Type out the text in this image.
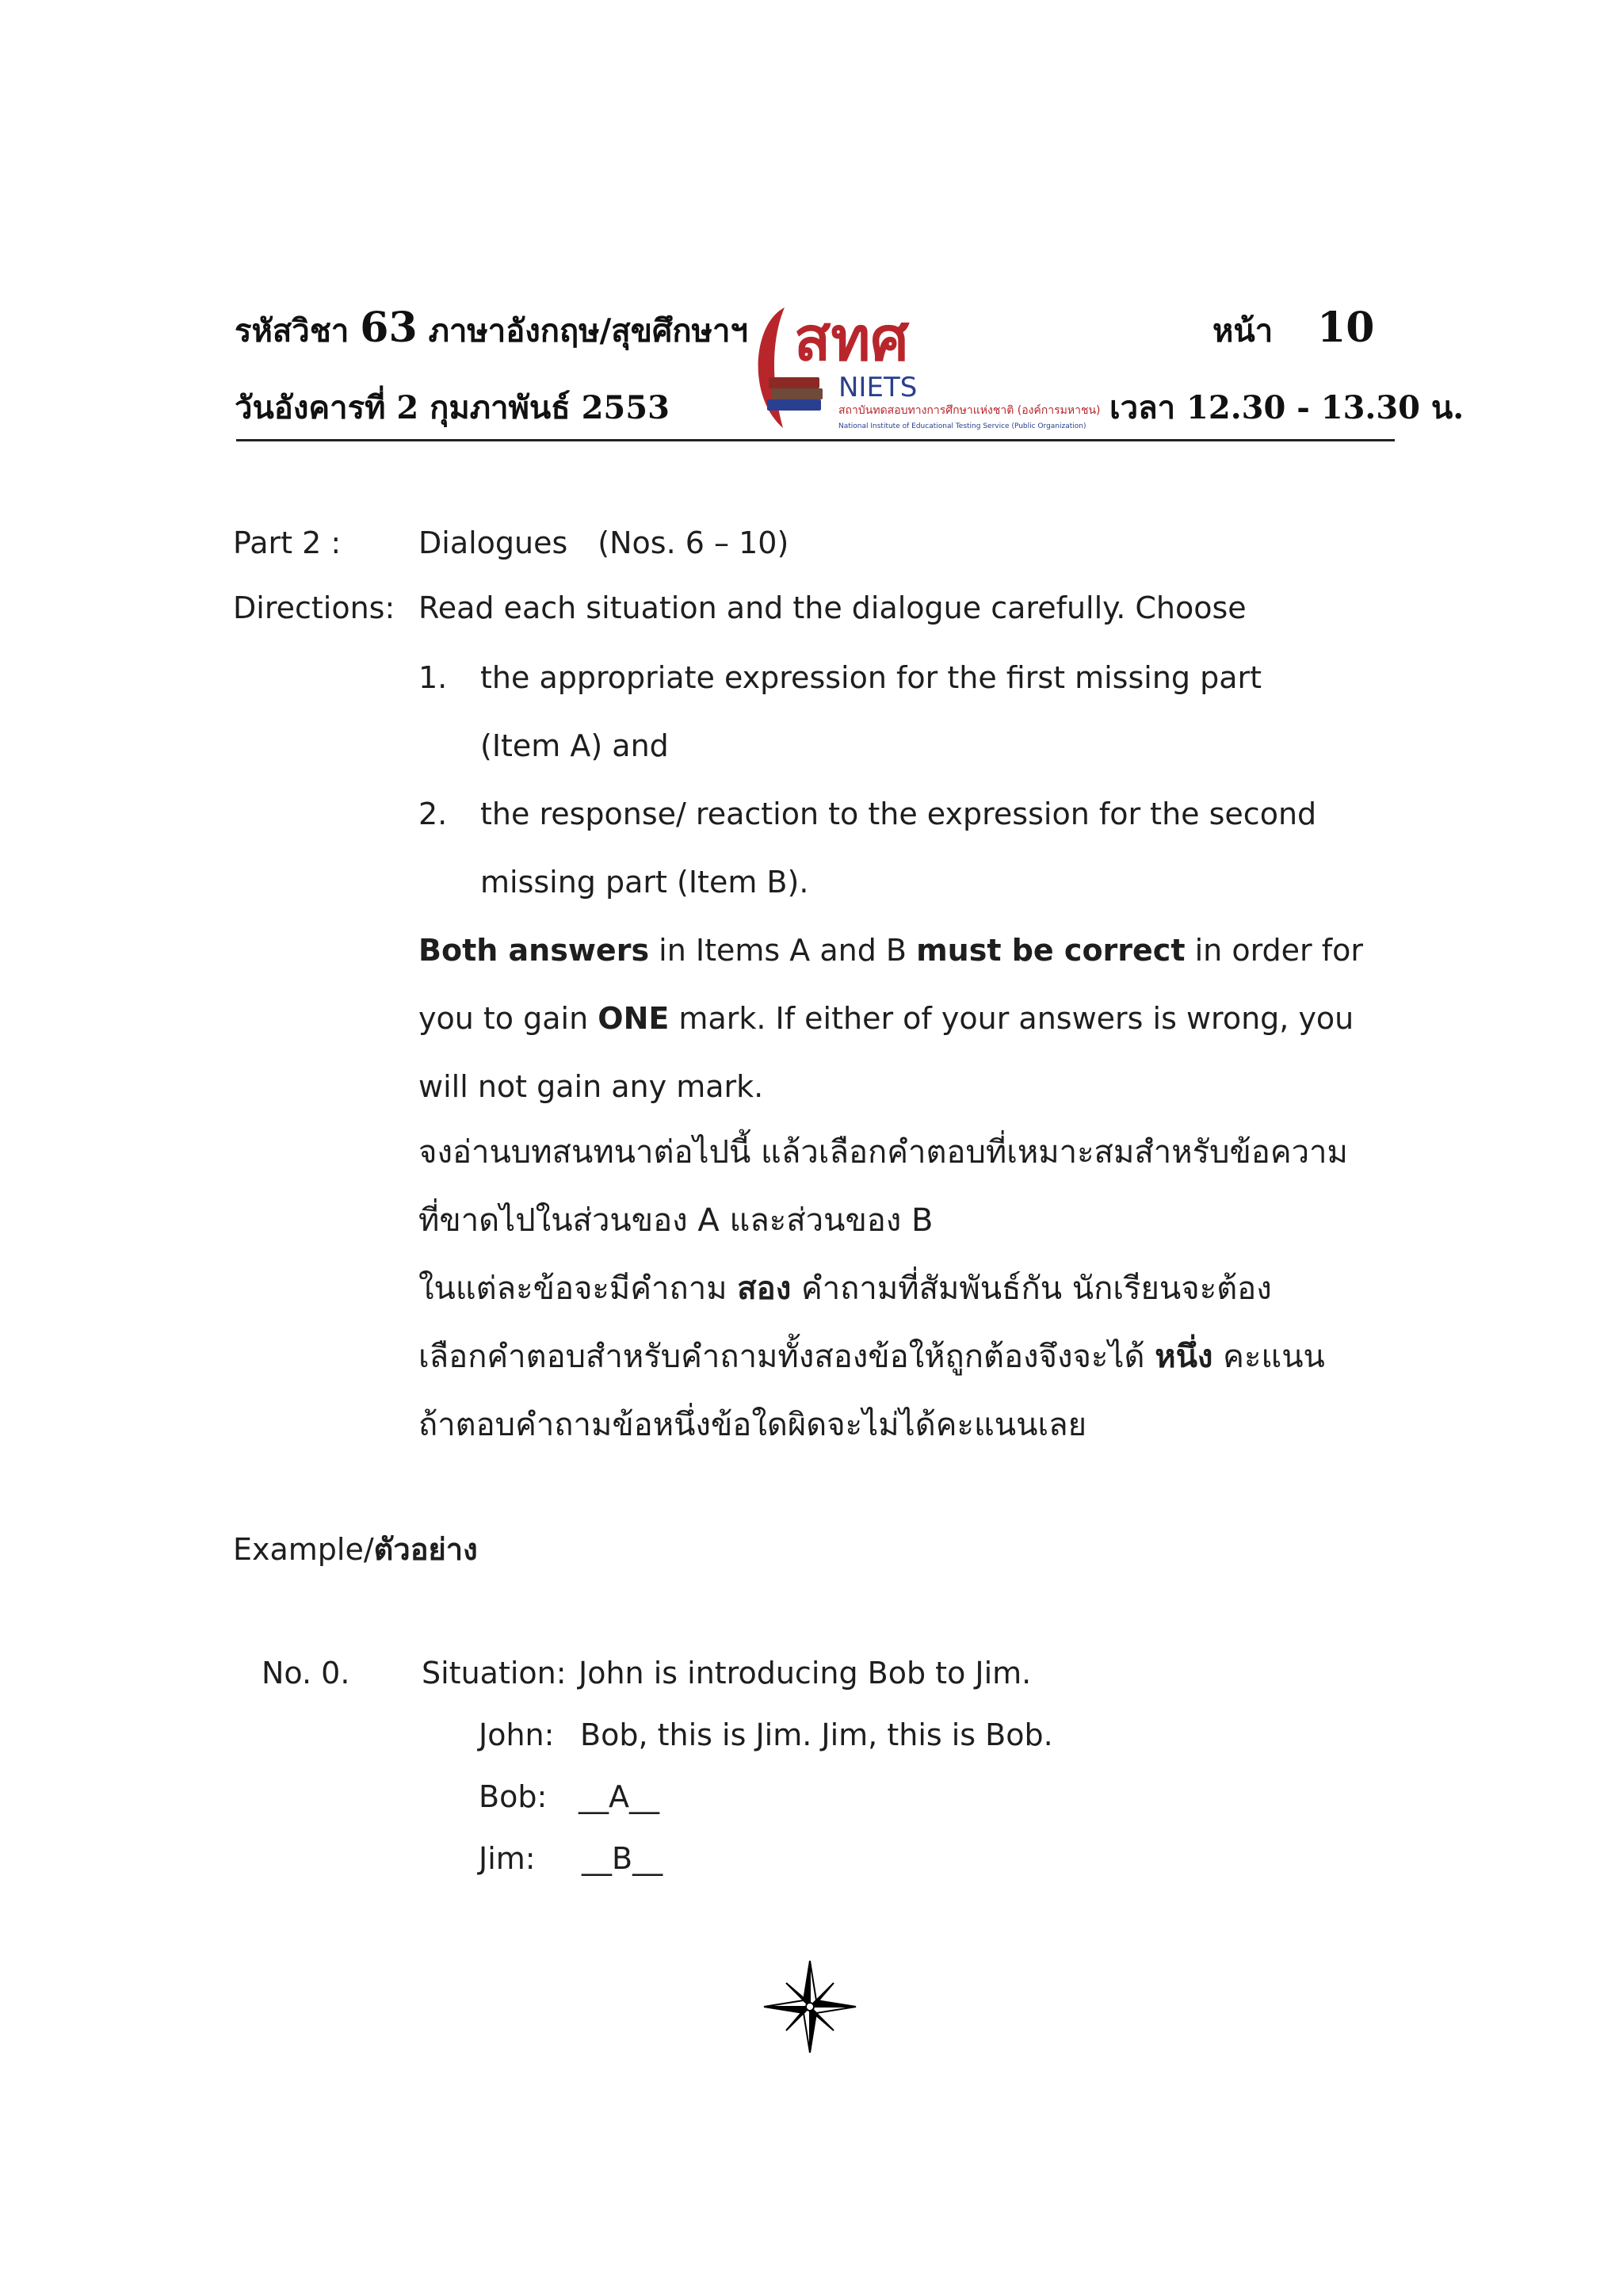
รหัสวิชา 63 ภาษาอังกฤษ/สุขศึกษาฯ	หน้า 10
วันอังคารที่ 2 กุมภาพันธ์ 2553	เวลา 12.30 - 13.30 น.
สทศ
NIETS
สถาบันทดสอบทางการศึกษาแห่งชาติ (องค์การมหาชน)
National Institute of Educational Testing Service (Public Organization)
Part 2 :	Dialogues (Nos. 6 – 10)
Directions: Read each situation and the dialogue carefully. Choose
1. the appropriate expression for the first missing part
(Item A) and
2. the response/ reaction to the expression for the second
missing part (Item B).
Both answers in Items A and B must be correct in order for
you to gain ONE mark. If either of your answers is wrong, you
will not gain any mark.
จงอ่านบทสนทนาต่อไปนี้ แล้วเลือกคำตอบที่เหมาะสมสำหรับข้อความ
ที่ขาดไปในส่วนของ A และส่วนของ B
ในแต่ละข้อจะมีคำถาม สอง คำถามที่สัมพันธ์กัน นักเรียนจะต้อง
เลือกคำตอบสำหรับคำถามทั้งสองข้อให้ถูกต้องจึงจะได้ หนึ่ง คะแนน
ถ้าตอบคำถามข้อหนึ่งข้อใดผิดจะไม่ได้คะแนนเลย
Example/ตัวอย่าง
No. 0. Situation: John is introducing Bob to Jim.
John: Bob, this is Jim. Jim, this is Bob.
Bob: __A__
Jim: __B__
